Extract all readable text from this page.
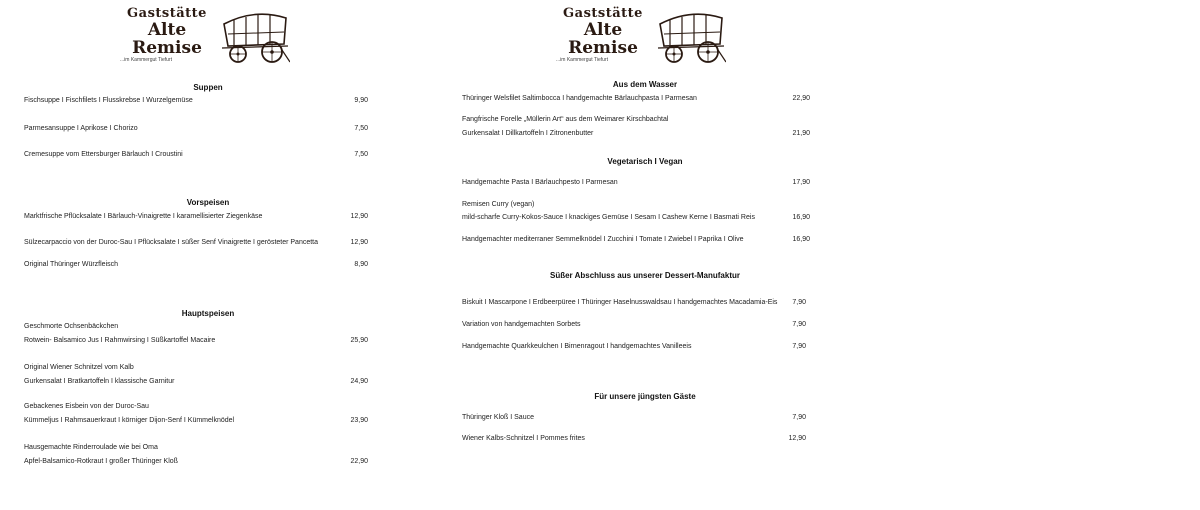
Gaststätte
Alte Remise
...im Kammergut Tiefurt
Suppen
Fischsuppe I Fischfilets I Flusskrebse I Wurzelgemüse	9,90
Parmesansuppe I Aprikose I Chorizo	7,50
Cremesuppe vom Ettersburger Bärlauch I Croustini	7,50
Vorspeisen
Marktfrische Pflücksalate I Bärlauch-Vinaigrette I karamellisierter Ziegenkäse	12,90
Sülzecarpaccio von der Duroc-Sau I Pflücksalate I süßer Senf Vinaigrette I gerösteter Pancetta	12,90
Original Thüringer Würzfleisch	8,90
Hauptspeisen
Geschmorte Ochsenbäckchen
Rotwein- Balsamico Jus I Rahmwirsing I Süßkartoffel Macaire	25,90
Original Wiener Schnitzel vom Kalb
Gurkensalat I Bratkartoffeln I klassische Garnitur	24,90
Gebackenes Eisbein von der Duroc-Sau
Kümmeljus I Rahmsauerkraut I körniger Dijon-Senf I Kümmelknödel	23,90
Hausgemachte Rinderroulade wie bei Oma
Apfel-Balsamico-Rotkraut I großer Thüringer Kloß	22,90
Gaststätte
Alte Remise
...im Kammergut Tiefurt
Aus dem Wasser
Thüringer Welsfilet Saltimbocca I handgemachte Bärlauchpasta I Parmesan	22,90
Fangfrische Forelle „Müllerin Art“ aus dem Weimarer Kirschbachtal
Gurkensalat I Dillkartoffeln I Zitronenbutter	21,90
Vegetarisch I Vegan
Handgemachte Pasta I Bärlauchpesto I Parmesan	17,90
Remisen Curry (vegan)
mild-scharfe Curry-Kokos-Sauce I knackiges Gemüse I Sesam I Cashew Kerne I Basmati Reis	16,90
Handgemachter mediterraner Semmelknödel I Zucchini I Tomate I Zwiebel I Paprika I Olive	16,90
Süßer Abschluss aus unserer Dessert-Manufaktur
Biskuit I Mascarpone I Erdbeerpüree I Thüringer Haselnusswaldsau I handgemachtes Macadamia-Eis	7,90
Variation von handgemachten Sorbets	7,90
Handgemachte Quarkkeulchen I Birnenragout I handgemachtes Vanilleeis	7,90
Für unsere jüngsten Gäste
Thüringer Kloß I Sauce	7,90
Wiener Kalbs-Schnitzel I Pommes frites	12,90
